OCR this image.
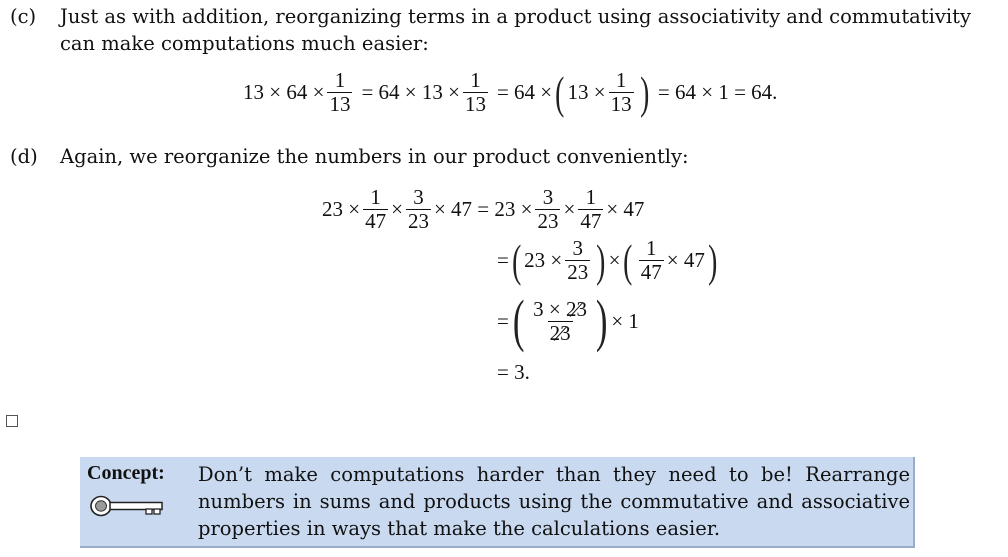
(c) Just as with addition, reorganizing terms in a product using associativity and commutativity can make computations much easier:
$13 \times 64 \times \frac{1}{13} = 64 \times 13 \times \frac{1}{13} = 64$ × ( $13 \times \frac{1}{13}$ ) = 64 × 1 = 64.
(d) Again, we reorganize the numbers in our product conveniently:
$23 \times \frac{1}{47} \times \frac{3}{23} \times 47 = 23 \times \frac{3}{23} \times \frac{1}{47} \times 47$
= ( $23 \times \frac{3}{23}$ ) × ( $\frac{1}{47} \times 47$ )
= ( $\frac{3 \times 23}{23}$ ) × 1
= 3.
Concept: Don’t make computations harder than they need to be! Rearrange numbers in sums and products using the commutative and associative properties in ways that make the calculations easier.
